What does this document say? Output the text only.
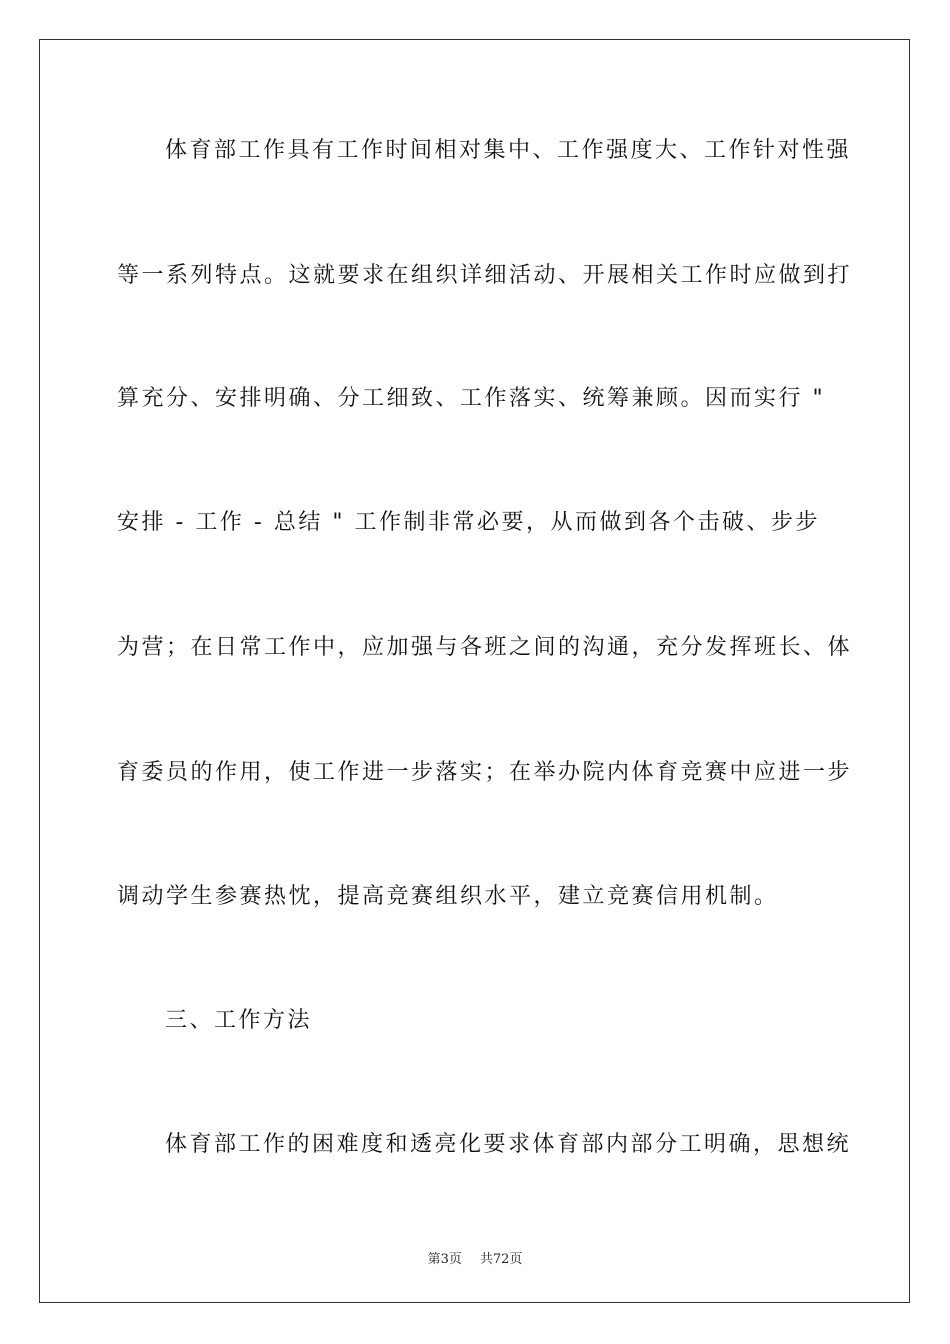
体育部工作具有工作时间相对集中、工作强度大、工作针对性强
等一系列特点。这就要求在组织详细活动、开展相关工作时应做到打
算充分、安排明确、分工细致、工作落实、统筹兼顾。因而实行 "
安排 - 工作 - 总结 " 工作制非常必要，从而做到各个击破、步步
为营；在日常工作中，应加强与各班之间的沟通，充分发挥班长、体
育委员的作用，使工作进一步落实；在举办院内体育竞赛中应进一步
调动学生参赛热忱，提高竞赛组织水平，建立竞赛信用机制。
三、工作方法
体育部工作的困难度和透亮化要求体育部内部分工明确，思想统
第3页 共72页
